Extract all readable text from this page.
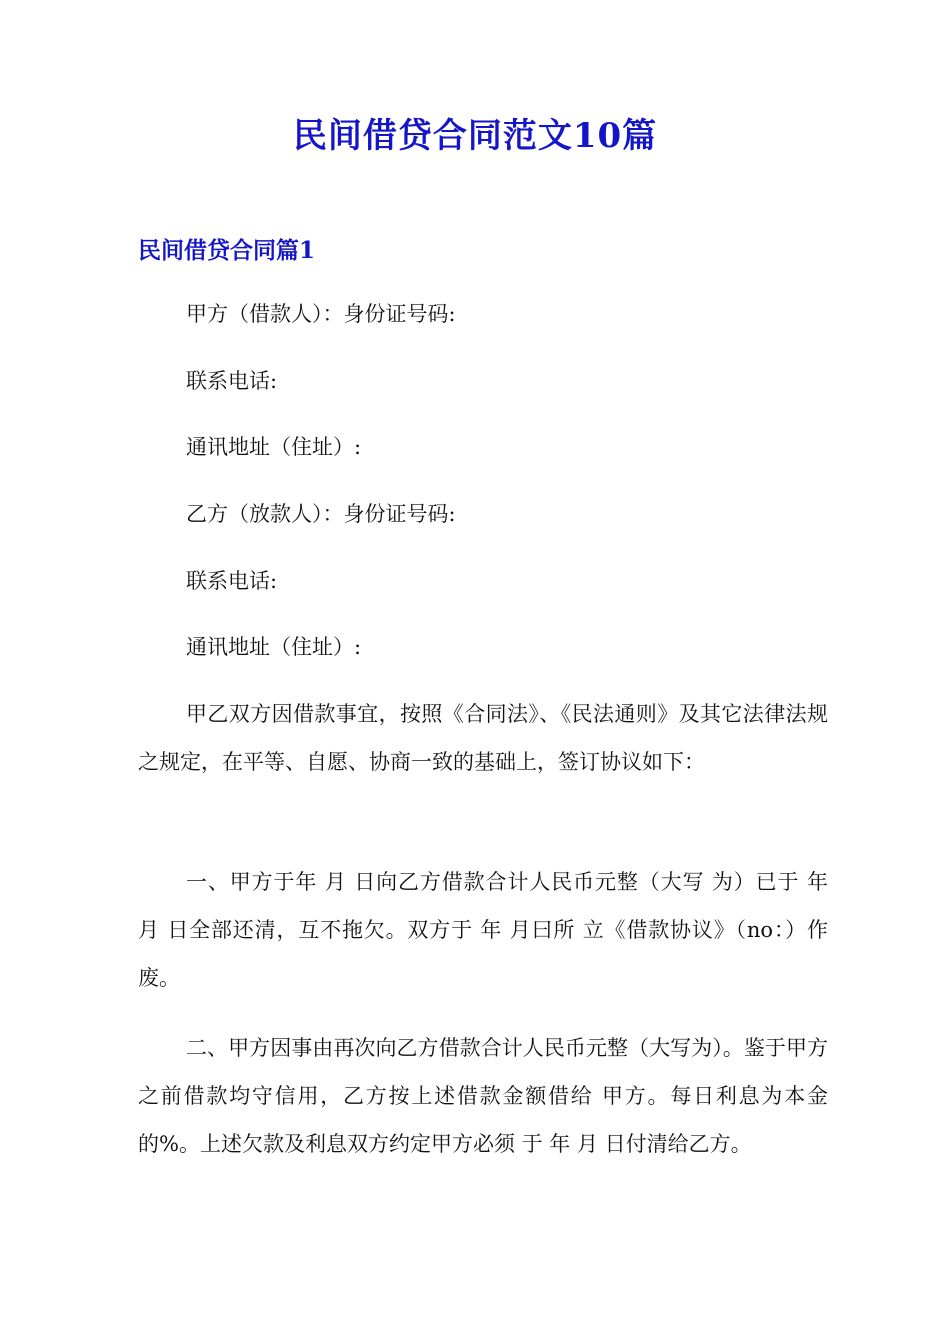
民间借贷合同范文10篇
民间借贷合同篇1

甲方（借款人）：身份证号码:

联系电话:

通讯地址（住址）:

乙方（放款人）：身份证号码:

联系电话:

通讯地址（住址）:

甲乙双方因借款事宜，按照《合同法》、《民法通则》及其它法律法规之规定，在平等、自愿、协商一致的基础上，签订协议如下：

一、甲方于年 月 日向乙方借款合计人民币元整（大写 为）已于 年 月 日全部还清，互不拖欠。双方于 年 月曰所 立《借款协议》（no：）作废。

二、甲方因事由再次向乙方借款合计人民币元整（大写为）。鉴于甲方之前借款均守信用，乙方按上述借款金额借给 甲方。每日利息为本金的%。上述欠款及利息双方约定甲方必须 于 年 月 日付清给乙方。
